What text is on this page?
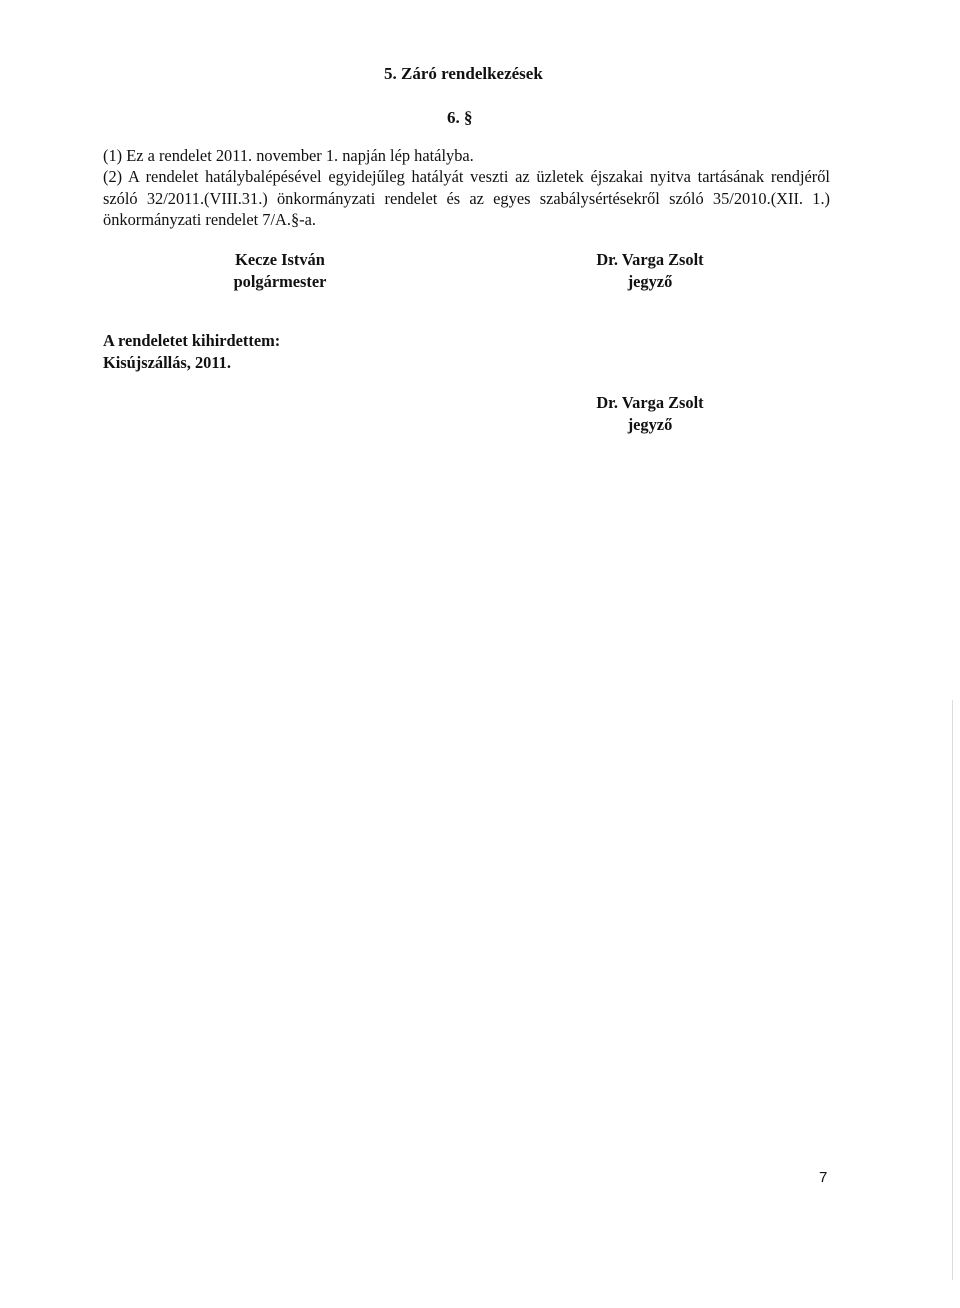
5. Záró rendelkezések
6. §
(1) Ez a rendelet 2011. november 1. napján lép hatályba.
(2) A rendelet hatálybalépésével egyidejűleg hatályát veszti az üzletek éjszakai nyitva tartásának rendjéről szóló 32/2011.(VIII.31.) önkormányzati rendelet és az egyes szabálysértésekről szóló 35/2010.(XII. 1.) önkormányzati rendelet 7/A.§-a.
Kecze István
polgármester
Dr. Varga Zsolt
jegyző
A rendeletet kihirdettem:
Kisújszállás, 2011.
Dr. Varga Zsolt
jegyző
7
